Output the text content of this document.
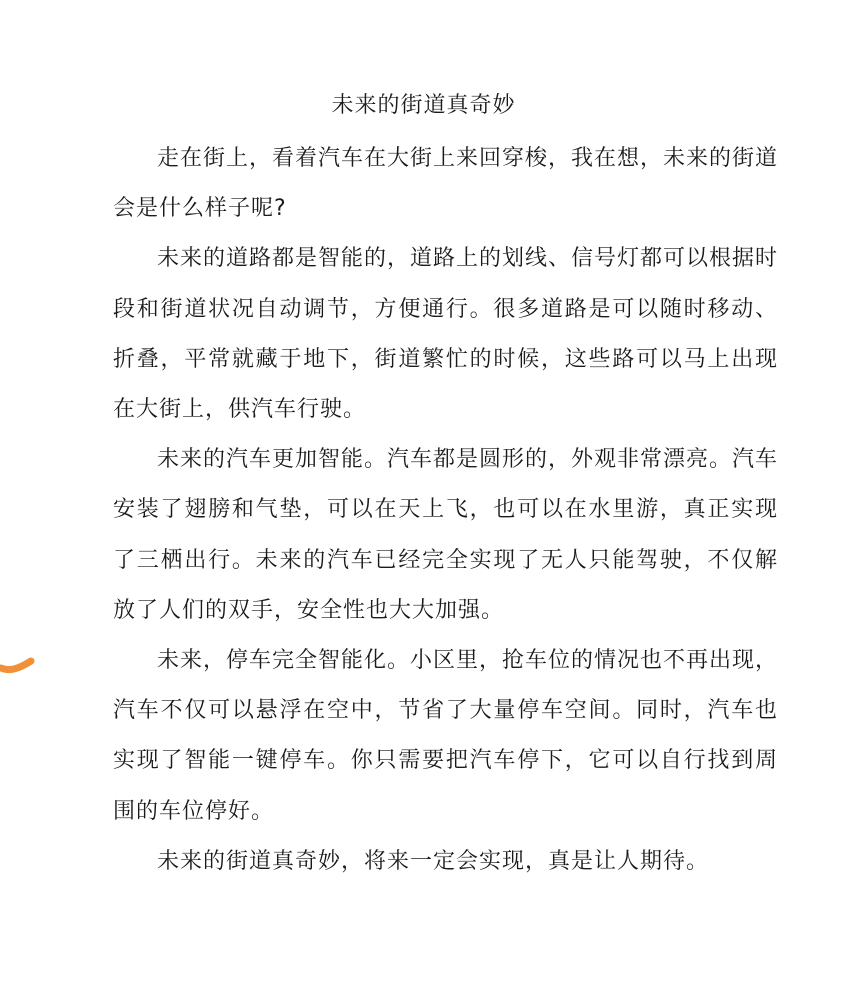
未来的街道真奇妙

走在街上，看着汽车在大街上来回穿梭，我在想，未来的街道会是什么样子呢?

未来的道路都是智能的，道路上的划线、信号灯都可以根据时段和街道状况自动调节，方便通行。很多道路是可以随时移动、折叠，平常就藏于地下，街道繁忙的时候，这些路可以马上出现在大街上，供汽车行驶。

未来的汽车更加智能。汽车都是圆形的，外观非常漂亮。汽车安装了翅膀和气垫，可以在天上飞，也可以在水里游，真正实现了三栖出行。未来的汽车已经完全实现了无人只能驾驶，不仅解放了人们的双手，安全性也大大加强。

未来，停车完全智能化。小区里，抢车位的情况也不再出现，汽车不仅可以悬浮在空中，节省了大量停车空间。同时，汽车也实现了智能一键停车。你只需要把汽车停下，它可以自行找到周围的车位停好。

未来的街道真奇妙，将来一定会实现，真是让人期待。
